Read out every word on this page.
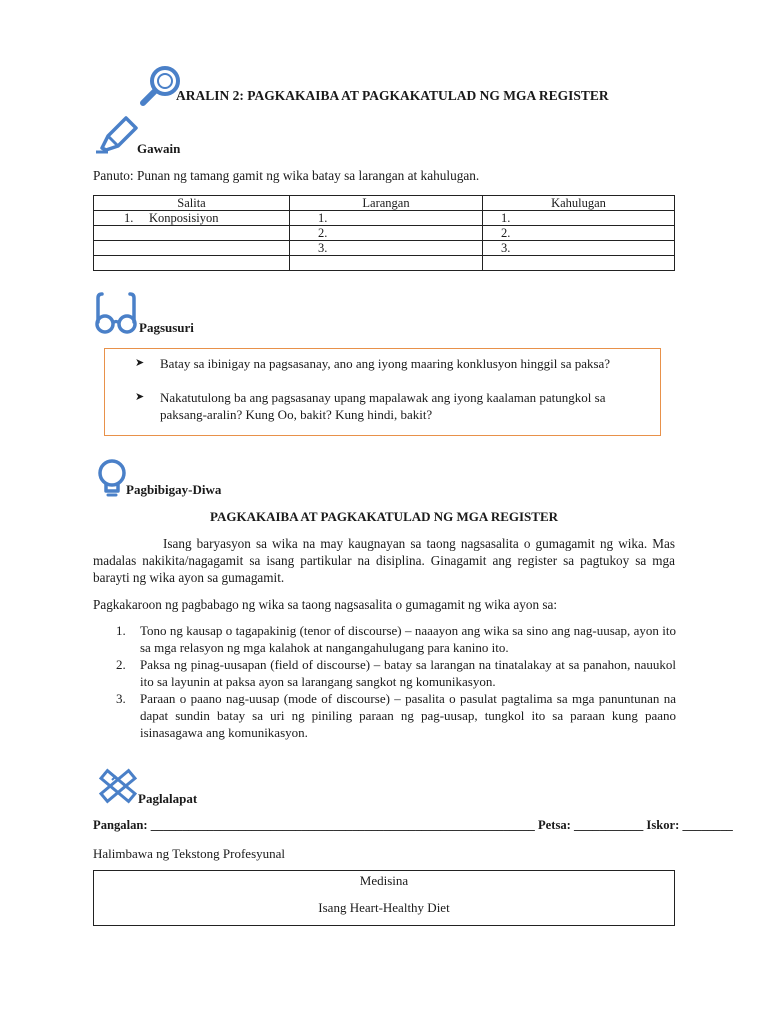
ARALIN 2: PAGKAKAIBA AT PAGKAKATULAD NG MGA REGISTER
Gawain
Panuto: Punan ng tamang gamit ng wika batay sa larangan at kahulugan.
Salita	Larangan	Kahulugan
1.     Konposisiyon	1.	1.
	2.	2.
	3.	3.

Pagsusuri
➤ Batay sa ibinigay na pagsasanay, ano ang iyong maaring konklusyon hinggil sa paksa?
➤ Nakatutulong ba ang pagsasanay upang mapalawak ang iyong kaalaman patungkol sa paksang-aralin? Kung Oo, bakit? Kung hindi, bakit?
Pagbibigay-Diwa
PAGKAKAIBA AT PAGKAKATULAD NG MGA REGISTER
Isang baryasyon sa wika na may kaugnayan sa taong nagsasalita o gumagamit ng wika. Mas madalas nakikita/nagagamit sa isang partikular na disiplina. Ginagamit ang register sa pagtukoy sa mga barayti ng wika ayon sa gumagamit.
Pagkakaroon ng pagbabago ng wika sa taong nagsasalita o gumagamit ng wika ayon sa:
1. Tono ng kausap o tagapakinig (tenor of discourse) – naaayon ang wika sa sino ang nag-uusap, ayon ito sa mga relasyon ng mga kalahok at nangangahulugang para kanino ito.
2. Paksa ng pinag-uusapan (field of discourse) – batay sa larangan na tinatalakay at sa panahon, nauukol ito sa layunin at paksa ayon sa larangang sangkot ng komunikasyon.
3. Paraan o paano nag-uusap (mode of discourse) – pasalita o pasulat pagtalima sa mga panuntunan na dapat sundin batay sa uri ng piniling paraan ng pag-uusap, tungkol ito sa paraan kung paano isinasagawa ang komunikasyon.
Paglalapat
Pangalan: _____________________________________________________________ Petsa: ___________ Iskor: ________
Halimbawa ng Tekstong Profesyunal
Medisina
Isang Heart-Healthy Diet
